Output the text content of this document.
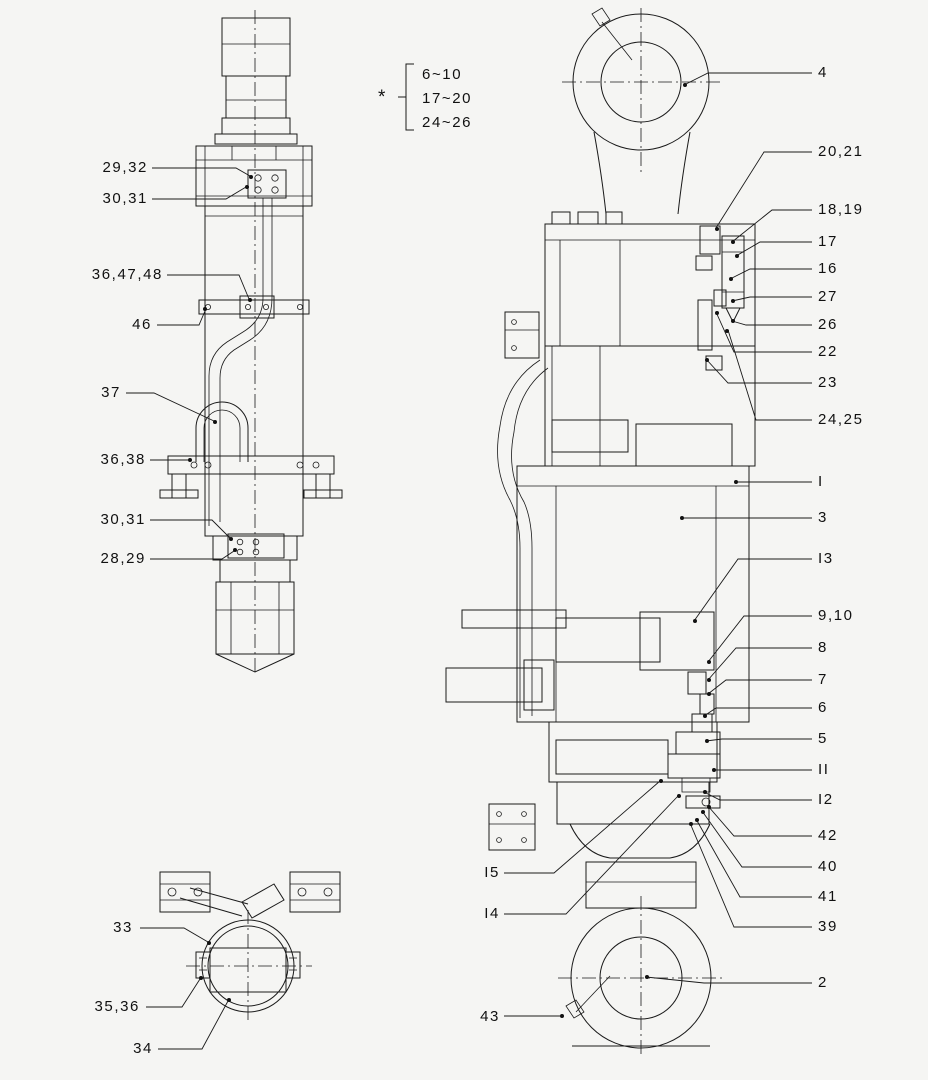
*
6~10
17~20
24~26
29,32
30,31
36,47,48
46
37
36,38
30,31
28,29
33
35,36
34
4
20,21
18,19
17
16
27
26
22
23
24,25
I
3
I3
9,10
8
7
6
5
II
I2
42
40
41
39
2
I5
I4
43
